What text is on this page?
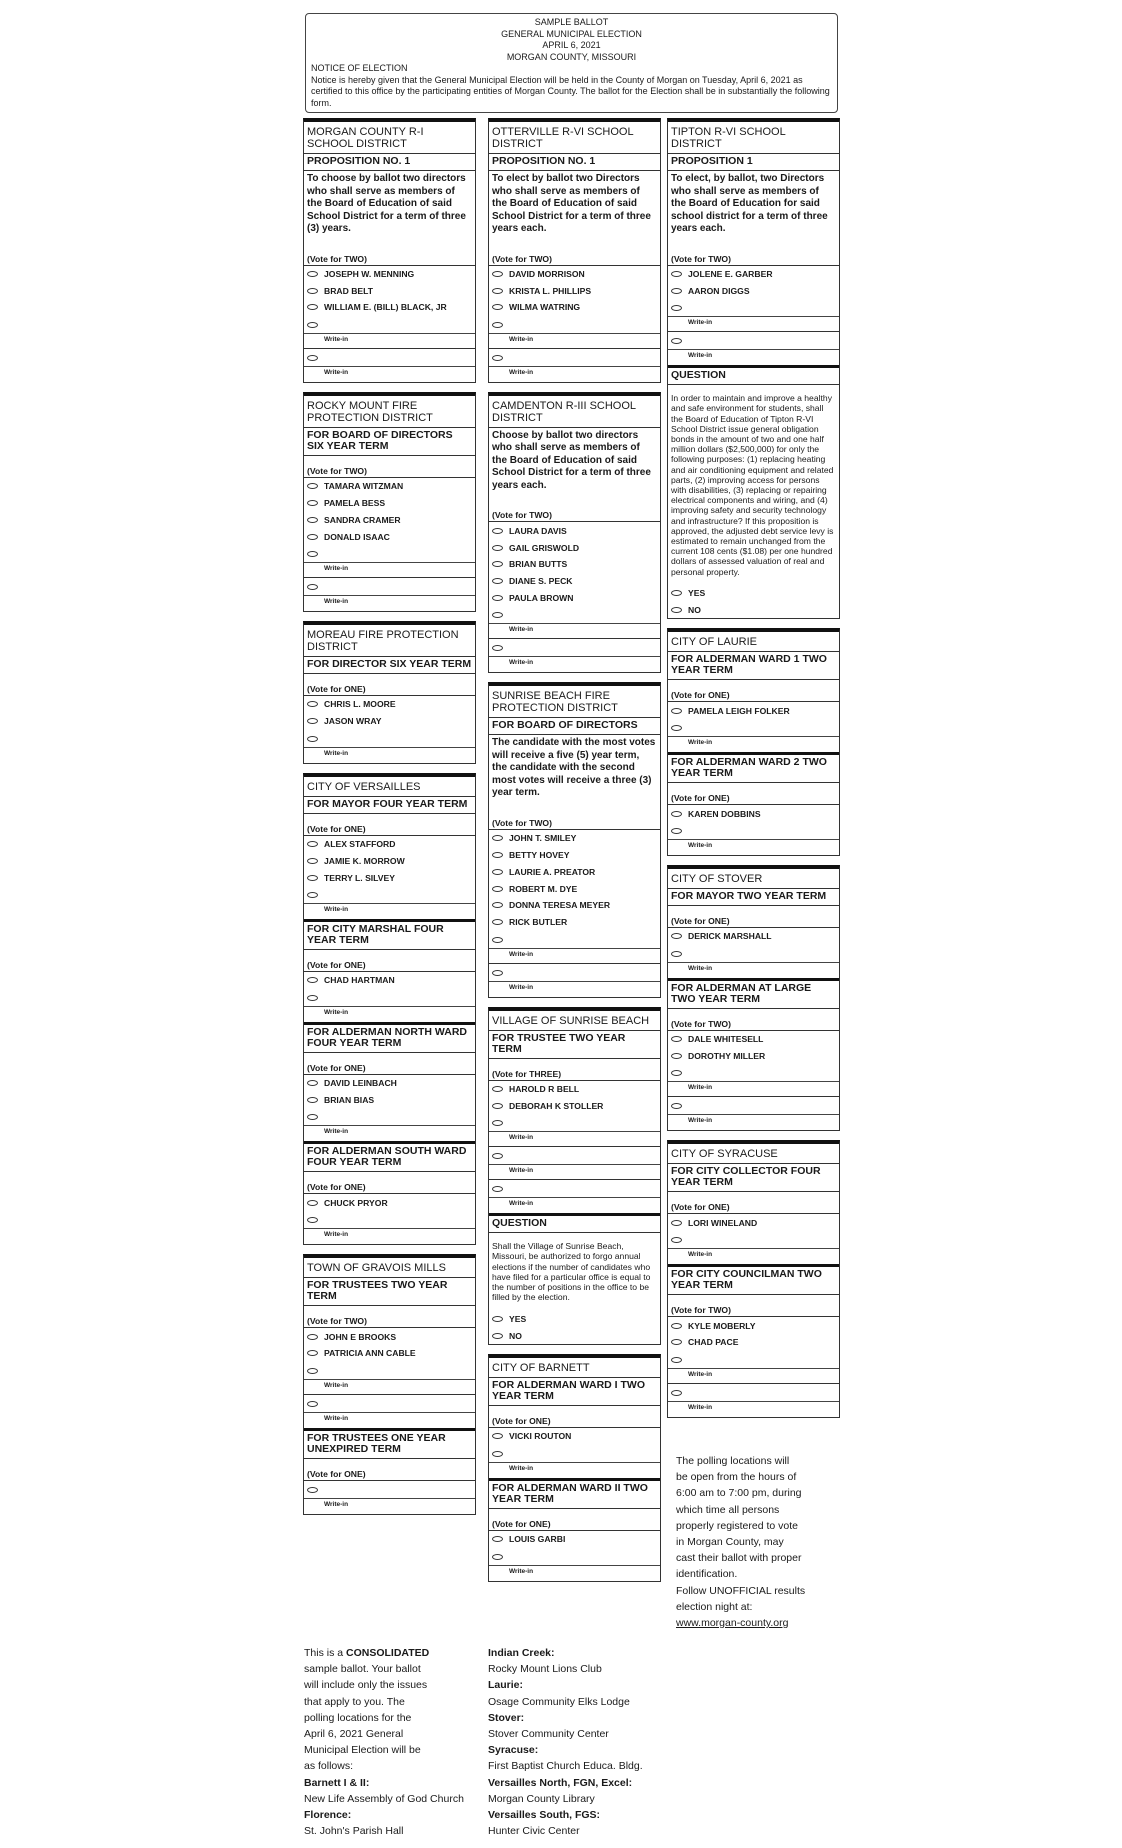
SAMPLE BALLOT
GENERAL MUNICIPAL ELECTION
APRIL 6, 2021
MORGAN COUNTY, MISSOURI
NOTICE OF ELECTION
Notice is hereby given that the General Municipal Election will be held in the County of Morgan on Tuesday, April 6, 2021 as certified to this office by the participating entities of Morgan County. The ballot for the Election shall be in substantially the following form.
MORGAN COUNTY R-I SCHOOL DISTRICT
PROPOSITION NO. 1
To choose by ballot two directors who shall serve as members of the Board of Education of said School District for a term of three (3) years.
(Vote for TWO)
JOSEPH W. MENNING
BRAD BELT
WILLIAM E. (BILL) BLACK, JR
Write-in
Write-in
ROCKY MOUNT FIRE PROTECTION DISTRICT
FOR BOARD OF DIRECTORS SIX YEAR TERM
(Vote for TWO)
TAMARA WITZMAN
PAMELA BESS
SANDRA CRAMER
DONALD ISAAC
Write-in
Write-in
MOREAU FIRE PROTECTION DISTRICT
FOR DIRECTOR SIX YEAR TERM
(Vote for ONE)
CHRIS L. MOORE
JASON WRAY
Write-in
CITY OF VERSAILLES
FOR MAYOR FOUR YEAR TERM
(Vote for ONE)
ALEX STAFFORD
JAMIE K. MORROW
TERRY L. SILVEY
Write-in
FOR CITY MARSHAL FOUR YEAR TERM
(Vote for ONE)
CHAD HARTMAN
Write-in
FOR ALDERMAN NORTH WARD FOUR YEAR TERM
(Vote for ONE)
DAVID LEINBACH
BRIAN BIAS
Write-in
FOR ALDERMAN SOUTH WARD FOUR YEAR TERM
(Vote for ONE)
CHUCK PRYOR
Write-in
TOWN OF GRAVOIS MILLS
FOR TRUSTEES TWO YEAR TERM
(Vote for TWO)
JOHN E BROOKS
PATRICIA ANN CABLE
Write-in
Write-in
FOR TRUSTEES ONE YEAR UNEXPIRED TERM
(Vote for ONE)
Write-in
OTTERVILLE R-VI SCHOOL DISTRICT
PROPOSITION NO. 1
To elect by ballot two Directors who shall serve as members of the Board of Education of said School District for a term of three years each.
(Vote for TWO)
DAVID MORRISON
KRISTA L. PHILLIPS
WILMA WATRING
Write-in
Write-in
CAMDENTON R-III SCHOOL DISTRICT
Choose by ballot two directors who shall serve as members of the Board of Education of said School District for a term of three years each.
(Vote for TWO)
LAURA DAVIS
GAIL GRISWOLD
BRIAN BUTTS
DIANE S. PECK
PAULA BROWN
Write-in
Write-in
SUNRISE BEACH FIRE PROTECTION DISTRICT
FOR BOARD OF DIRECTORS
The candidate with the most votes will receive a five (5) year term, the candidate with the second most votes will receive a three (3) year term.
(Vote for TWO)
JOHN T. SMILEY
BETTY HOVEY
LAURIE A. PREATOR
ROBERT M. DYE
DONNA TERESA MEYER
RICK BUTLER
Write-in
Write-in
VILLAGE OF SUNRISE BEACH
FOR TRUSTEE TWO YEAR TERM
(Vote for THREE)
HAROLD R BELL
DEBORAH K STOLLER
Write-in
Write-in
Write-in
QUESTION
Shall the Village of Sunrise Beach, Missouri, be authorized to forgo annual elections if the number of candidates who have filed for a particular office is equal to the number of positions in the office to be filled by the election.
YES
NO
CITY OF BARNETT
FOR ALDERMAN WARD I TWO YEAR TERM
(Vote for ONE)
VICKI ROUTON
Write-in
FOR ALDERMAN WARD II TWO YEAR TERM
(Vote for ONE)
LOUIS GARBI
Write-in
TIPTON R-VI SCHOOL DISTRICT
PROPOSITION 1
To elect, by ballot, two Directors who shall serve as members of the Board of Education for said school district for a term of three years each.
(Vote for TWO)
JOLENE E. GARBER
AARON DIGGS
Write-in
Write-in
QUESTION
In order to maintain and improve a healthy and safe environment for students, shall the Board of Education of Tipton R-VI School District issue general obligation bonds in the amount of two and one half million dollars ($2,500,000) for only the following purposes: (1) replacing heating and air conditioning equipment and related parts, (2) improving access for persons with disabilities, (3) replacing or repairing electrical components and wiring, and (4) improving safety and security technology and infrastructure? If this proposition is approved, the adjusted debt service levy is estimated to remain unchanged from the current 108 cents ($1.08) per one hundred dollars of assessed valuation of real and personal property.
YES
NO
CITY OF LAURIE
FOR ALDERMAN WARD 1 TWO YEAR TERM
(Vote for ONE)
PAMELA LEIGH FOLKER
Write-in
FOR ALDERMAN WARD 2 TWO YEAR TERM
(Vote for ONE)
KAREN DOBBINS
Write-in
CITY OF STOVER
FOR MAYOR TWO YEAR TERM
(Vote for ONE)
DERICK MARSHALL
Write-in
FOR ALDERMAN AT LARGE TWO YEAR TERM
(Vote for TWO)
DALE WHITESELL
DOROTHY MILLER
Write-in
Write-in
CITY OF SYRACUSE
FOR CITY COLLECTOR FOUR YEAR TERM
(Vote for ONE)
LORI WINELAND
Write-in
FOR CITY COUNCILMAN TWO YEAR TERM
(Vote for TWO)
KYLE MOBERLY
CHAD PACE
Write-in
Write-in
The polling locations will
be open from the hours of
6:00 am to 7:00 pm, during
which time all persons
properly registered to vote
in Morgan County, may
cast their ballot with proper
identification.
Follow UNOFFICIAL results
election night at:
www.morgan-county.org
This is a CONSOLIDATED
sample ballot. Your ballot
will include only the issues
that apply to you. The
polling locations for the
April 6, 2021 General
Municipal Election will be
as follows:
Barnett I & II:
New Life Assembly of God Church
Florence:
St. John's Parish Hall
Indian Creek:
Rocky Mount Lions Club
Laurie:
Osage Community Elks Lodge
Stover:
Stover Community Center
Syracuse:
First Baptist Church Educa. Bldg.
Versailles North, FGN, Excel:
Morgan County Library
Versailles South, FGS:
Hunter Civic Center
